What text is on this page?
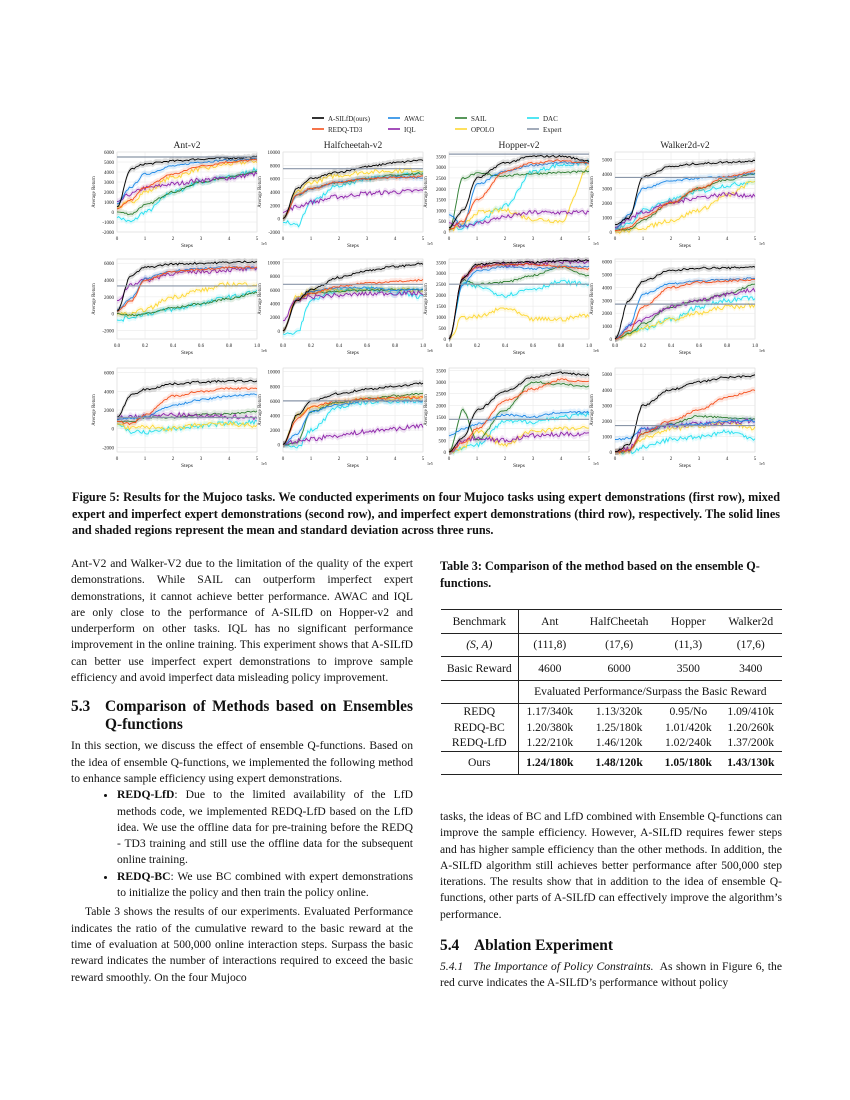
A-SILfD(ours)
REDQ-TD3
AWAC
IQL
SAIL
OPOLO
DAC
Expert
Ant-v2	Halfcheetah-v2	Hopper-v2	Walker2d-v2
-2000
-1000
0
1000
2000
3000
4000
5000
6000
0	1	2	3	4	5
1e5
Steps
Average Return
-2000
0
2000
4000
6000
8000
10000
0	1	2	3	4	5
1e5
Steps
Average Return
0
500
1000
1500
2000
2500
3000
3500
0	1	2	3	4	5
1e5
Steps
Average Return
0
1000
2000
3000
4000
5000
0	1	2	3	4	5
1e5
Steps
Average Return
-2000
0
2000
4000
6000
0.0	0.2	0.4	0.6	0.8	1.0
1e6
Steps
Average Return
0
2000
4000
6000
8000
10000
0.0	0.2	0.4	0.6	0.8	1.0
1e6
Steps
Average Return
0
500
1000
1500
2000
2500
3000
3500
0.0	0.2	0.4	0.6	0.8	1.0
1e6
Steps
Average Return
0
1000
2000
3000
4000
5000
6000
0.0	0.2	0.4	0.6	0.8	1.0
1e6
Steps
Average Return
-2000
0
2000
4000
6000
0	1	2	3	4	5
1e5
Steps
Average Return
0
2000
4000
6000
8000
10000
0	1	2	3	4	5
1e5
Steps
Average Return
0
500
1000
1500
2000
2500
3000
3500
0	1	2	3	4	5
1e5
Steps
Average Return
0
1000
2000
3000
4000
5000
0	1	2	3	4	5
1e5
Steps
Average Return
Figure 5: Results for the Mujoco tasks. We conducted experiments on four Mujoco tasks using expert demonstrations (first row), mixed expert and imperfect expert demonstrations (second row), and imperfect expert demonstrations (third row), respectively. The solid lines and shaded regions represent the mean and standard deviation across three runs.

Ant-V2 and Walker-V2 due to the limitation of the quality of the expert demonstrations. While SAIL can outperform imperfect expert demonstrations, it cannot achieve better performance. AWAC and IQL are only close to the performance of A-SILfD on Hopper-v2 and underperform on other tasks. IQL has no significant performance improvement in the online training. This experiment shows that A-SILfD can better use imperfect expert demonstrations to improve sample efficiency and avoid imperfect data misleading policy improvement.

5.3 Comparison of Methods based on Ensembles Q-functions

In this section, we discuss the effect of ensemble Q-functions. Based on the idea of ensemble Q-functions, we implemented the following method to enhance sample efficiency using expert demonstrations.

• REDQ-LfD: Due to the limited availability of the LfD methods code, we implemented REDQ-LfD based on the LfD idea. We use the offline data for pre-training before the REDQ - TD3 training and still use the offline data for the subsequent online training.
• REDQ-BC: We use BC combined with expert demonstrations to initialize the policy and then train the policy online.

Table 3 shows the results of our experiments. Evaluated Performance indicates the ratio of the cumulative reward to the basic reward at the time of evaluation at 500,000 online interaction steps. Surpass the basic reward indicates the number of interactions required to exceed the basic reward smoothly. On the four Mujoco

Table 3: Comparison of the method based on the ensemble Q-functions.
Benchmark	Ant	HalfCheetah	Hopper	Walker2d
(S, A)	(111,8)	(17,6)	(11,3)	(17,6)
Basic Reward	4600	6000	3500	3400
	Evaluated Performance/Surpass the Basic Reward			
REDQ	1.17/340k	1.13/320k	0.95/No	1.09/410k
REDQ-BC	1.20/380k	1.25/180k	1.01/420k	1.20/260k
REDQ-LfD	1.22/210k	1.46/120k	1.02/240k	1.37/200k
Ours	1.24/180k	1.48/120k	1.05/180k	1.43/130k

tasks, the ideas of BC and LfD combined with Ensemble Q-functions can improve the sample efficiency. However, A-SILfD requires fewer steps and has higher sample efficiency than the other methods. In addition, the A-SILfD algorithm still achieves better performance after 500,000 step iterations. The results show that in addition to the idea of ensemble Q-functions, other parts of A-SILfD can effectively improve the algorithm’s performance.

5.4 Ablation Experiment

5.4.1 The Importance of Policy Constraints. As shown in Figure 6, the red curve indicates the A-SILfD’s performance without policy
